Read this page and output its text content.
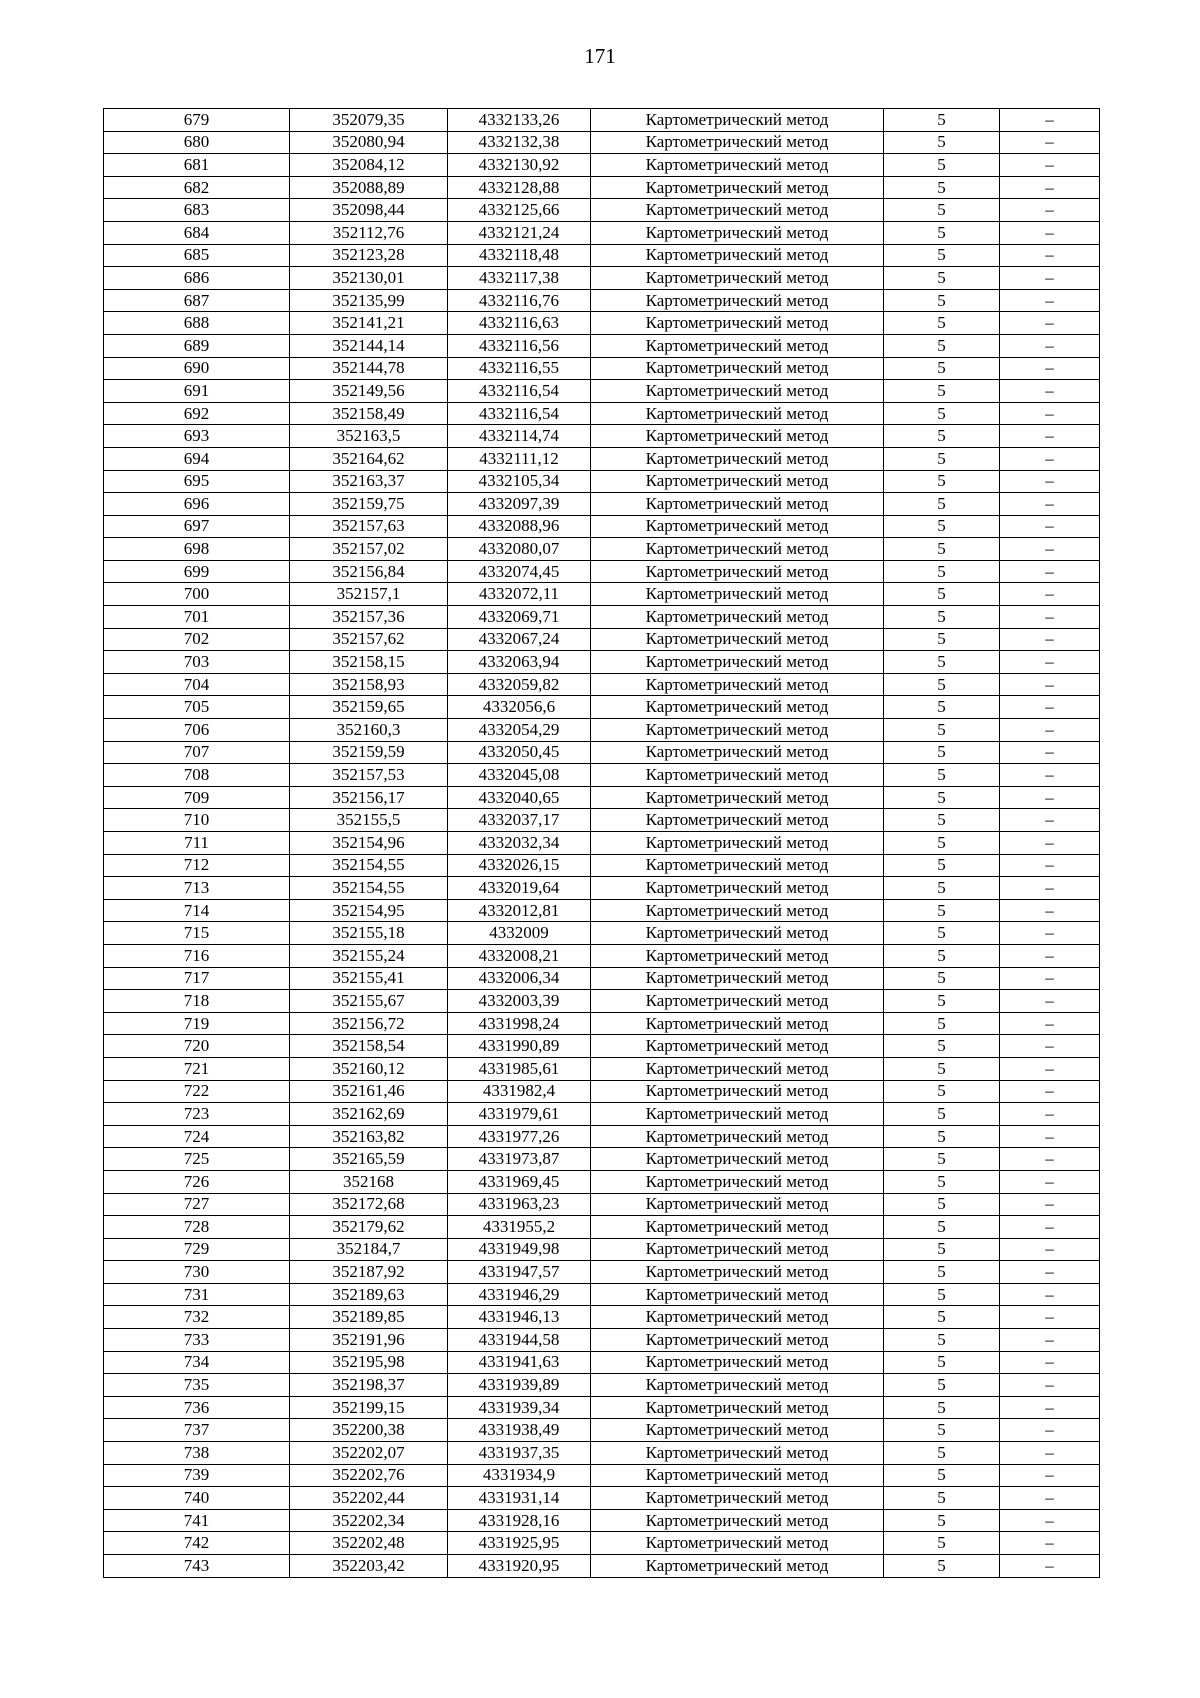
171
679	352079,35	4332133,26	Картометрический метод	5	–
680	352080,94	4332132,38	Картометрический метод	5	–
681	352084,12	4332130,92	Картометрический метод	5	–
682	352088,89	4332128,88	Картометрический метод	5	–
683	352098,44	4332125,66	Картометрический метод	5	–
684	352112,76	4332121,24	Картометрический метод	5	–
685	352123,28	4332118,48	Картометрический метод	5	–
686	352130,01	4332117,38	Картометрический метод	5	–
687	352135,99	4332116,76	Картометрический метод	5	–
688	352141,21	4332116,63	Картометрический метод	5	–
689	352144,14	4332116,56	Картометрический метод	5	–
690	352144,78	4332116,55	Картометрический метод	5	–
691	352149,56	4332116,54	Картометрический метод	5	–
692	352158,49	4332116,54	Картометрический метод	5	–
693	352163,5	4332114,74	Картометрический метод	5	–
694	352164,62	4332111,12	Картометрический метод	5	–
695	352163,37	4332105,34	Картометрический метод	5	–
696	352159,75	4332097,39	Картометрический метод	5	–
697	352157,63	4332088,96	Картометрический метод	5	–
698	352157,02	4332080,07	Картометрический метод	5	–
699	352156,84	4332074,45	Картометрический метод	5	–
700	352157,1	4332072,11	Картометрический метод	5	–
701	352157,36	4332069,71	Картометрический метод	5	–
702	352157,62	4332067,24	Картометрический метод	5	–
703	352158,15	4332063,94	Картометрический метод	5	–
704	352158,93	4332059,82	Картометрический метод	5	–
705	352159,65	4332056,6	Картометрический метод	5	–
706	352160,3	4332054,29	Картометрический метод	5	–
707	352159,59	4332050,45	Картометрический метод	5	–
708	352157,53	4332045,08	Картометрический метод	5	–
709	352156,17	4332040,65	Картометрический метод	5	–
710	352155,5	4332037,17	Картометрический метод	5	–
711	352154,96	4332032,34	Картометрический метод	5	–
712	352154,55	4332026,15	Картометрический метод	5	–
713	352154,55	4332019,64	Картометрический метод	5	–
714	352154,95	4332012,81	Картометрический метод	5	–
715	352155,18	4332009	Картометрический метод	5	–
716	352155,24	4332008,21	Картометрический метод	5	–
717	352155,41	4332006,34	Картометрический метод	5	–
718	352155,67	4332003,39	Картометрический метод	5	–
719	352156,72	4331998,24	Картометрический метод	5	–
720	352158,54	4331990,89	Картометрический метод	5	–
721	352160,12	4331985,61	Картометрический метод	5	–
722	352161,46	4331982,4	Картометрический метод	5	–
723	352162,69	4331979,61	Картометрический метод	5	–
724	352163,82	4331977,26	Картометрический метод	5	–
725	352165,59	4331973,87	Картометрический метод	5	–
726	352168	4331969,45	Картометрический метод	5	–
727	352172,68	4331963,23	Картометрический метод	5	–
728	352179,62	4331955,2	Картометрический метод	5	–
729	352184,7	4331949,98	Картометрический метод	5	–
730	352187,92	4331947,57	Картометрический метод	5	–
731	352189,63	4331946,29	Картометрический метод	5	–
732	352189,85	4331946,13	Картометрический метод	5	–
733	352191,96	4331944,58	Картометрический метод	5	–
734	352195,98	4331941,63	Картометрический метод	5	–
735	352198,37	4331939,89	Картометрический метод	5	–
736	352199,15	4331939,34	Картометрический метод	5	–
737	352200,38	4331938,49	Картометрический метод	5	–
738	352202,07	4331937,35	Картометрический метод	5	–
739	352202,76	4331934,9	Картометрический метод	5	–
740	352202,44	4331931,14	Картометрический метод	5	–
741	352202,34	4331928,16	Картометрический метод	5	–
742	352202,48	4331925,95	Картометрический метод	5	–
743	352203,42	4331920,95	Картометрический метод	5	–
